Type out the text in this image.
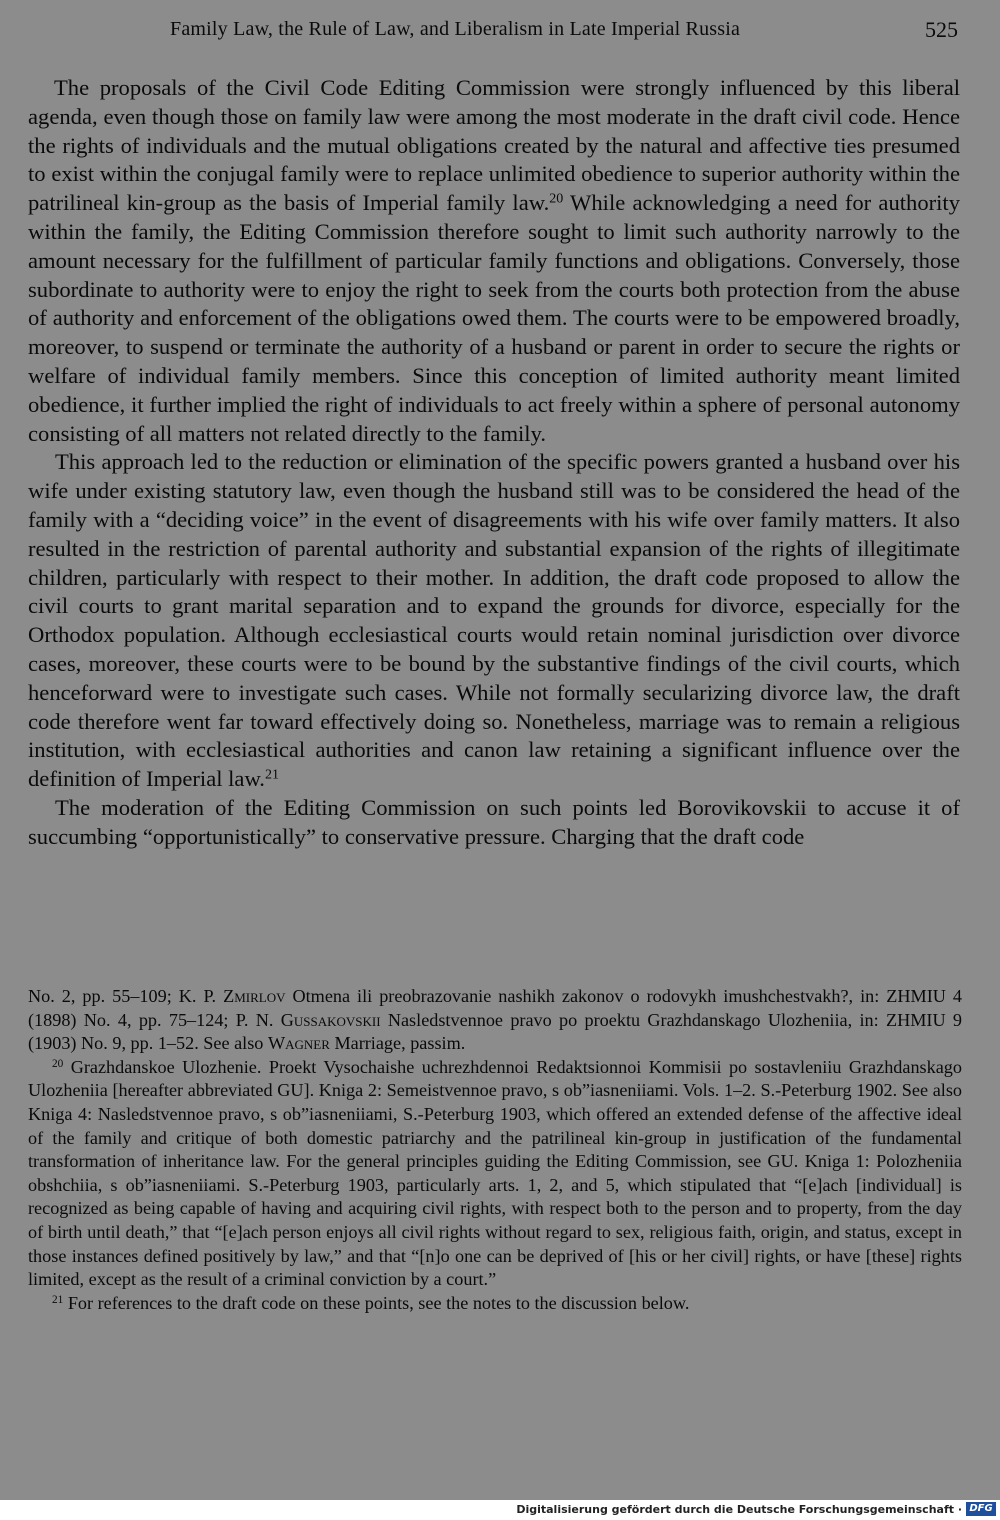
Family Law, the Rule of Law, and Liberalism in Late Imperial Russia	525

The proposals of the Civil Code Editing Commission were strongly influenced by this liberal agenda, even though those on family law were among the most moderate in the draft civil code. Hence the rights of individuals and the mutual obligations created by the natural and affective ties presumed to exist within the conjugal family were to replace unlimited obedience to superior authority within the patrilineal kin-group as the basis of Imperial family law.$^{20}$ While acknowledging a need for authority within the family, the Editing Commission therefore sought to limit such authority narrowly to the amount necessary for the fulfillment of particular family functions and obligations. Conversely, those subordinate to authority were to enjoy the right to seek from the courts both protection from the abuse of authority and enforcement of the obligations owed them. The courts were to be empowered broadly, moreover, to suspend or terminate the authority of a husband or parent in order to secure the rights or welfare of individual family members. Since this conception of limited authority meant limited obedience, it further implied the right of individuals to act freely within a sphere of personal autonomy consisting of all matters not related directly to the family.

This approach led to the reduction or elimination of the specific powers granted a husband over his wife under existing statutory law, even though the husband still was to be considered the head of the family with a “deciding voice” in the event of disagreements with his wife over family matters. It also resulted in the restriction of parental authority and substantial expansion of the rights of illegitimate children, particularly with respect to their mother. In addition, the draft code proposed to allow the civil courts to grant marital separation and to expand the grounds for divorce, especially for the Orthodox population. Although ecclesiastical courts would retain nominal jurisdiction over divorce cases, moreover, these courts were to be bound by the substantive findings of the civil courts, which henceforward were to investigate such cases. While not formally secularizing divorce law, the draft code therefore went far toward effectively doing so. Nonetheless, marriage was to remain a religious institution, with ecclesiastical authorities and canon law retaining a significant influence over the definition of Imperial law.$^{21}$

The moderation of the Editing Commission on such points led Borovikovskii to accuse it of succumbing “opportunistically” to conservative pressure. Charging that the draft code

No. 2, pp. 55–109; K. P. Zmirlov Otmena ili preobrazovanie nashikh zakonov o rodovykh imushchestvakh?, in: ZHMIU 4 (1898) No. 4, pp. 75–124; P. N. Gussakovskii Nasledstvennoe pravo po proektu Grazhdanskago Ulozheniia, in: ZHMIU 9 (1903) No. 9, pp. 1–52. See also Wagner Marriage, passim.

$^{20}$ Grazhdanskoe Ulozhenie. Proekt Vysochaishe uchrezhdennoi Redaktsionnoi Kommisii po sostavleniiu Grazhdanskago Ulozheniia [hereafter abbreviated GU]. Kniga 2: Semeistvennoe pravo, s ob”iasneniiami. Vols. 1–2. S.-Peterburg 1902. See also Kniga 4: Nasledstvennoe pravo, s ob”iasneniiami, S.-Peterburg 1903, which offered an extended defense of the affective ideal of the family and critique of both domestic patriarchy and the patrilineal kin-group in justification of the fundamental transformation of inheritance law. For the general principles guiding the Editing Commission, see GU. Kniga 1: Polozheniia obshchiia, s ob”iasneniiami. S.-Peterburg 1903, particularly arts. 1, 2, and 5, which stipulated that “[e]ach [individual] is recognized as being capable of having and acquiring civil rights, with respect both to the person and to property, from the day of birth until death,” that “[e]ach person enjoys all civil rights without regard to sex, religious faith, origin, and status, except in those instances defined positively by law,” and that “[n]o one can be deprived of [his or her civil] rights, or have [these] rights limited, except as the result of a criminal conviction by a court.”

$^{21}$ For references to the draft code on these points, see the notes to the discussion below.

Digitalisierung gefördert durch die Deutsche Forschungsgemeinschaft · DFG
